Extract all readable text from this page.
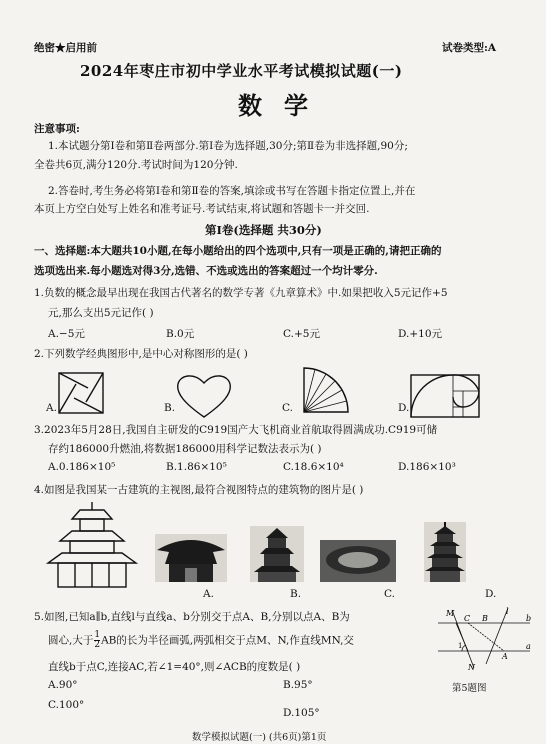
绝密★启用前	试卷类型:A
2024年枣庄市初中学业水平考试模拟试题(一)
数学
注意事项:
1.本试题分第Ⅰ卷和第Ⅱ卷两部分.第Ⅰ卷为选择题,30分;第Ⅱ卷为非选择题,90分;
全卷共6页,满分120分.考试时间为120分钟.
2.答卷时,考生务必将第Ⅰ卷和第Ⅱ卷的答案,填涂或书写在答题卡指定位置上,并在
本页上方空白处写上姓名和准考证号.考试结束,将试题和答题卡一并交回.
第Ⅰ卷(选择题 共30分)
一、选择题:本大题共10小题,在每小题给出的四个选项中,只有一项是正确的,请把正确的
选项选出来.每小题选对得3分,选错、不选或选出的答案超过一个均计零分.
1.负数的概念最早出现在我国古代著名的数学专著《九章算术》中.如果把收入5元记作+5
元,那么支出5元记作( )
A.−5元	B.0元	C.+5元	D.+10元
2.下列数学经典图形中,是中心对称图形的是( )
A.	B.	C.	D.
3.2023年5月28日,我国自主研发的C919国产大飞机商业首航取得圆满成功.C919可储
存约186000升燃油,将数据186000用科学记数法表示为( )
A.0.186×10⁵	B.1.86×10⁵	C.18.6×10⁴	D.186×10³
4.如图是我国某一古建筑的主视图,最符合视图特点的建筑物的图片是( )
A.	B.	C.	D.
5.如图,已知a∥b,直线l与直线a、b分别交于点A、B,分别以点A、B为
圆心,大于 $\frac{1}{2}$ AB的长为半径画弧,两弧相交于点M、N,作直线MN,交
直线b于点C,连接AC,若∠1=40°,则∠ACB的度数是( )
A.90°	B.95°
C.100°
D.105°
M
N
C B
l
A
b
a
1
第5题图
数学模拟试题(一) (共6页)第1页
